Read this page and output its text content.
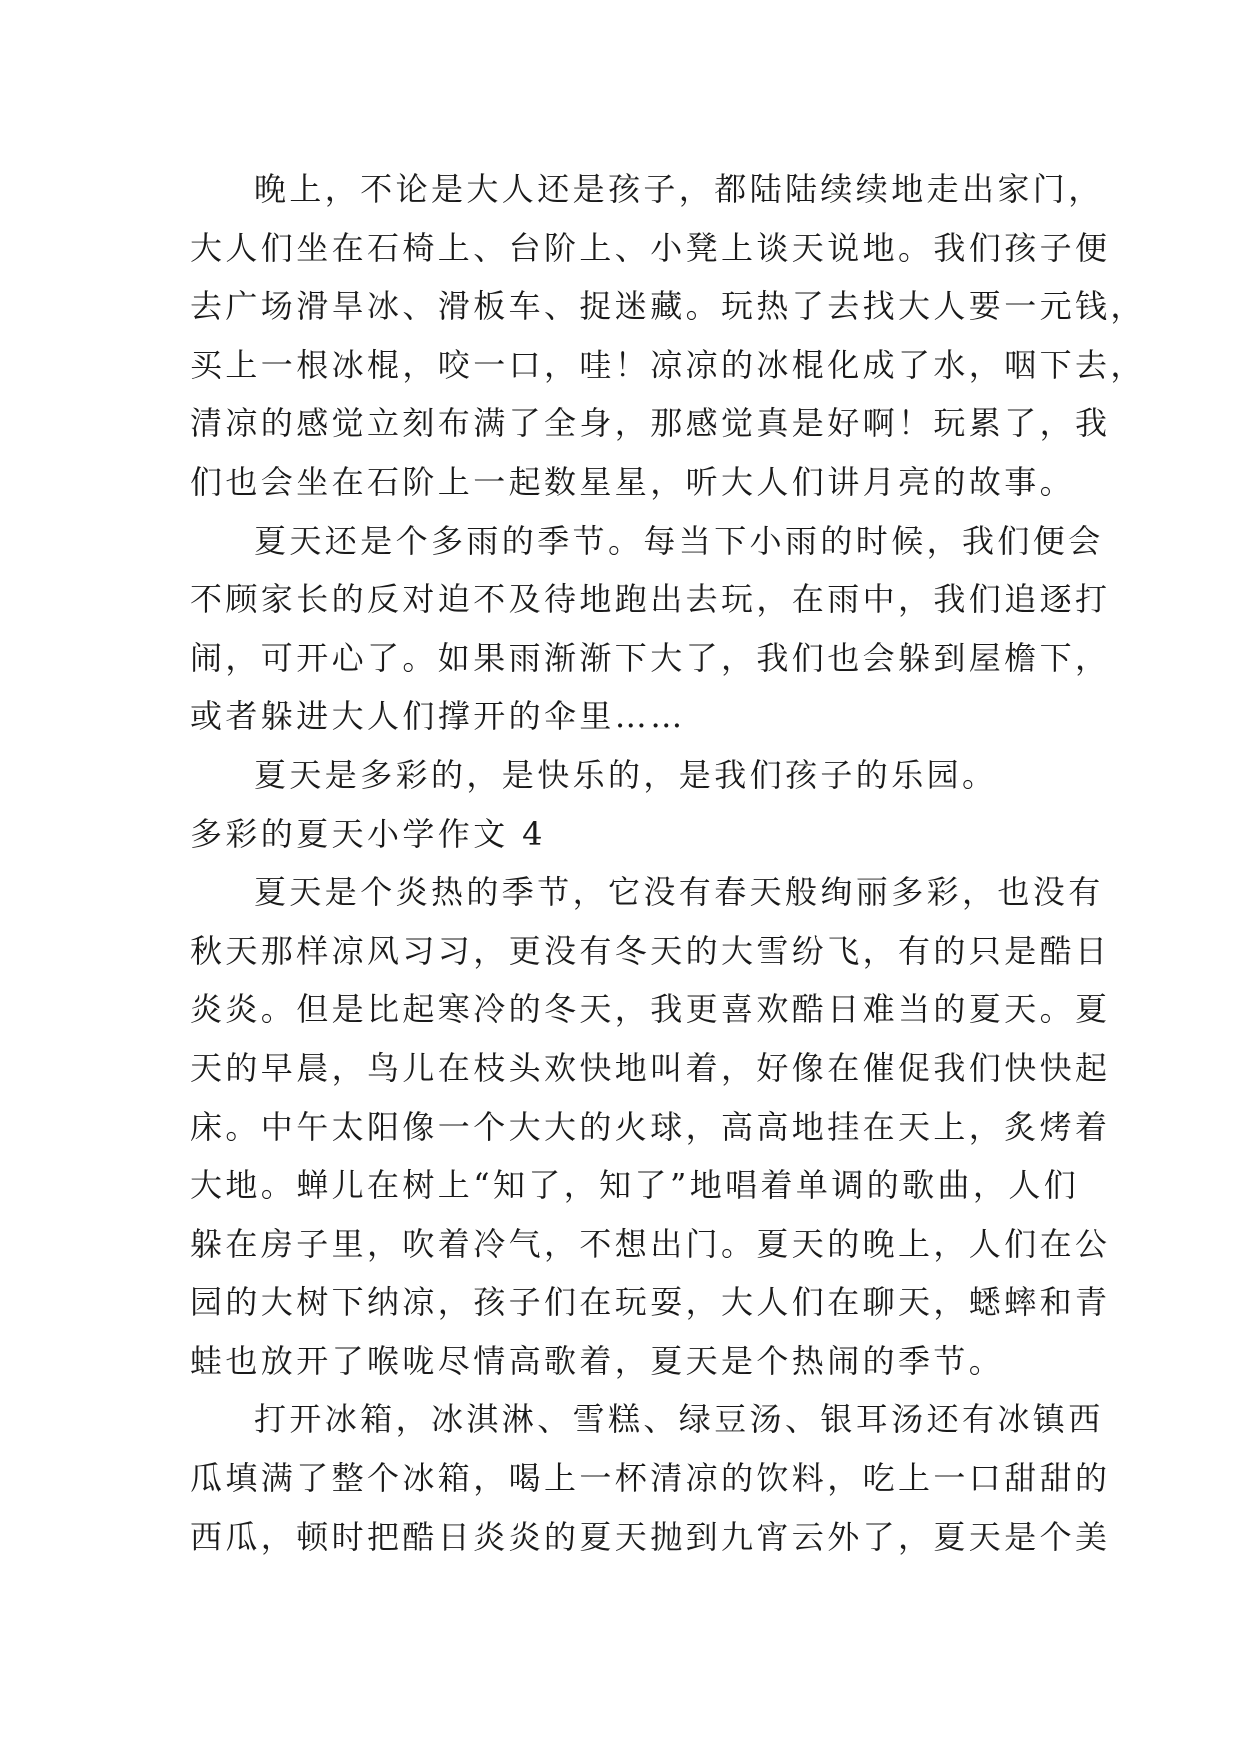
晚上，不论是大人还是孩子，都陆陆续续地走出家门，
大人们坐在石椅上、台阶上、小凳上谈天说地。我们孩子便
去广场滑旱冰、滑板车、捉迷藏。玩热了去找大人要一元钱，
买上一根冰棍，咬一口，哇！凉凉的冰棍化成了水，咽下去，
清凉的感觉立刻布满了全身，那感觉真是好啊！玩累了，我
们也会坐在石阶上一起数星星，听大人们讲月亮的故事。

夏天还是个多雨的季节。每当下小雨的时候，我们便会
不顾家长的反对迫不及待地跑出去玩，在雨中，我们追逐打
闹，可开心了。如果雨渐渐下大了，我们也会躲到屋檐下，
或者躲进大人们撑开的伞里……

夏天是多彩的，是快乐的，是我们孩子的乐园。

多彩的夏天小学作文 4

夏天是个炎热的季节，它没有春天般绚丽多彩，也没有
秋天那样凉风习习，更没有冬天的大雪纷飞，有的只是酷日
炎炎。但是比起寒冷的冬天，我更喜欢酷日难当的夏天。夏
天的早晨，鸟儿在枝头欢快地叫着，好像在催促我们快快起
床。中午太阳像一个大大的火球，高高地挂在天上，炙烤着
大地。蝉儿在树上“知了，知了”地唱着单调的歌曲，人们
躲在房子里，吹着冷气，不想出门。夏天的晚上，人们在公
园的大树下纳凉，孩子们在玩耍，大人们在聊天，蟋蟀和青
蛙也放开了喉咙尽情高歌着，夏天是个热闹的季节。

打开冰箱，冰淇淋、雪糕、绿豆汤、银耳汤还有冰镇西
瓜填满了整个冰箱，喝上一杯清凉的饮料，吃上一口甜甜的
西瓜，顿时把酷日炎炎的夏天抛到九宵云外了，夏天是个美
